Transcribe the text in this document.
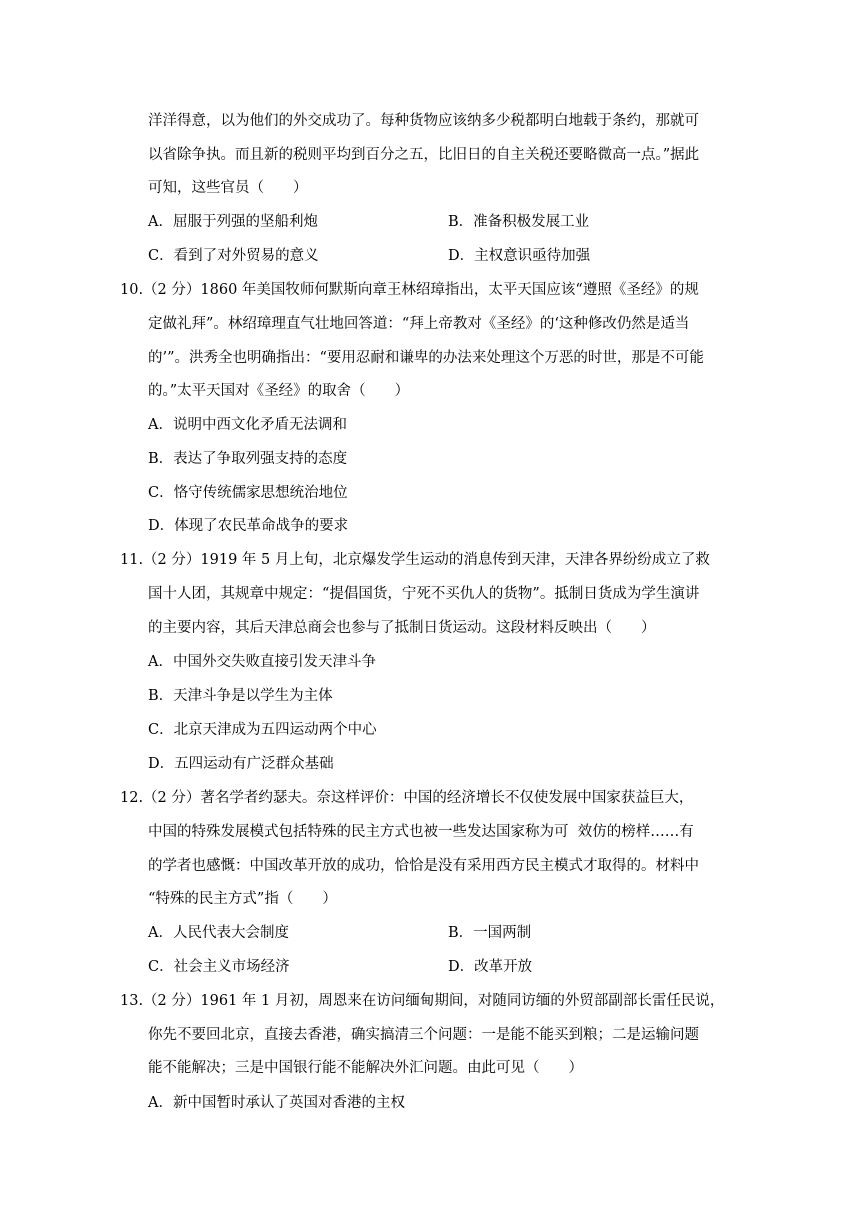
洋洋得意，以为他们的外交成功了。每种货物应该纳多少税都明白地载于条约，那就可
以省除争执。而且新的税则平均到百分之五，比旧日的自主关税还要略微高一点。”据此
可知，这些官员（　　）
A．屈服于列强的坚船利炮	B．准备积极发展工业
C．看到了对外贸易的意义	D．主权意识亟待加强
10.（2 分）1860 年美国牧师何默斯向章王林绍璋指出，太平天国应该“遵照《圣经》的规
定做礼拜”。林绍璋理直气壮地回答道：“拜上帝教对《圣经》的‘这种修改仍然是适当
的’”。洪秀全也明确指出：“要用忍耐和谦卑的办法来处理这个万恶的时世，那是不可能
的。”太平天国对《圣经》的取舍（　　）
A．说明中西文化矛盾无法调和
B．表达了争取列强支持的态度
C．恪守传统儒家思想统治地位
D．体现了农民革命战争的要求
11.（2 分）1919 年 5 月上旬，北京爆发学生运动的消息传到天津，天津各界纷纷成立了救
国十人团，其规章中规定：“提倡国货，宁死不买仇人的货物”。抵制日货成为学生演讲
的主要内容，其后天津总商会也参与了抵制日货运动。这段材料反映出（　　）
A．中国外交失败直接引发天津斗争
B．天津斗争是以学生为主体
C．北京天津成为五四运动两个中心
D．五四运动有广泛群众基础
12.（2 分）著名学者约瑟夫。奈这样评价：中国的经济增长不仅使发展中国家获益巨大，
中国的特殊发展模式包括特殊的民主方式也被一些发达国家称为可  效仿的榜样……有
的学者也感慨：中国改革开放的成功，恰恰是没有采用西方民主模式才取得的。材料中
“特殊的民主方式”指（　　）
A．人民代表大会制度	B．一国两制
C．社会主义市场经济	D．改革开放
13.（2 分）1961 年 1 月初，周恩来在访问缅甸期间，对随同访缅的外贸部副部长雷任民说，
你先不要回北京，直接去香港，确实搞清三个问题：一是能不能买到粮；二是运输问题
能不能解决；三是中国银行能不能解决外汇问题。由此可见（　　）
A．新中国暂时承认了英国对香港的主权
